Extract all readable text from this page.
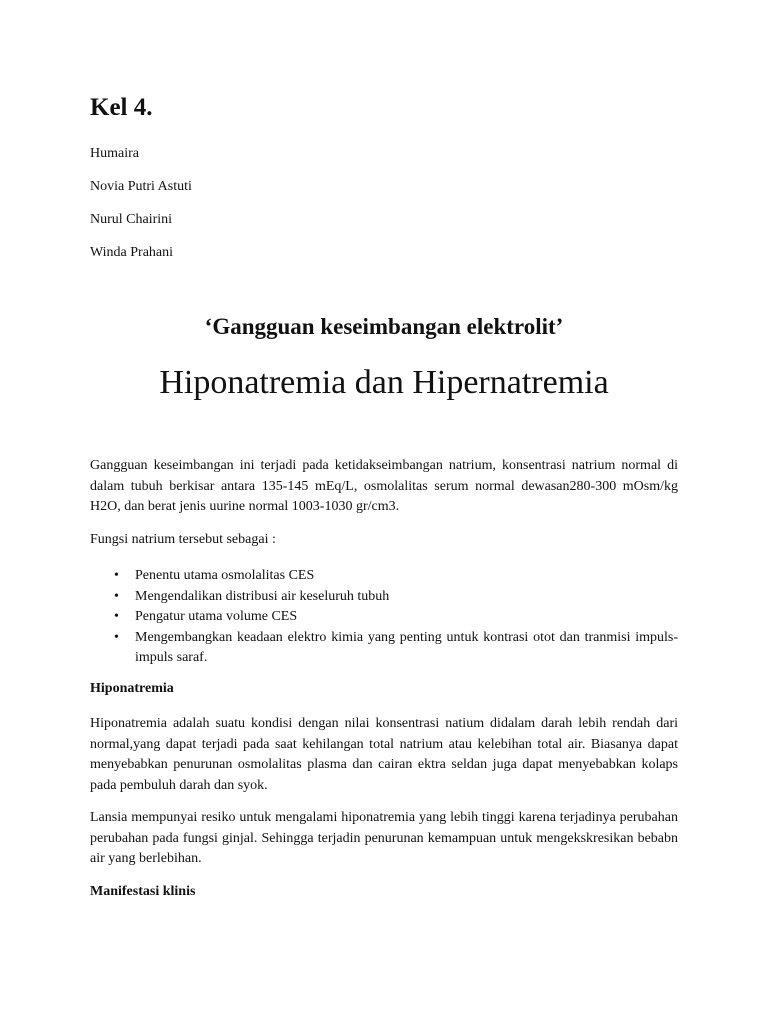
Kel 4.

Humaira

Novia Putri Astuti

Nurul Chairini

Winda Prahani

‘Gangguan keseimbangan elektrolit’
Hiponatremia dan Hipernatremia

Gangguan keseimbangan ini terjadi pada ketidakseimbangan natrium, konsentrasi natrium normal di dalam tubuh berkisar antara 135-145 mEq/L, osmolalitas serum normal dewasan280-300 mOsm/kg H2O, dan berat jenis uurine normal 1003-1030 gr/cm3.

Fungsi natrium tersebut sebagai :

• Penentu utama osmolalitas CES
• Mengendalikan distribusi air keseluruh tubuh
• Pengatur utama volume CES
• Mengembangkan keadaan elektro kimia yang penting untuk kontrasi otot dan tranmisi impuls-impuls saraf.

Hiponatremia

Hiponatremia adalah suatu kondisi dengan nilai konsentrasi natium didalam darah lebih rendah dari normal,yang dapat terjadi pada saat kehilangan total natrium atau kelebihan total air. Biasanya dapat menyebabkan penurunan osmolalitas plasma dan cairan ektra seldan juga dapat menyebabkan kolaps pada pembuluh darah dan syok.

Lansia mempunyai resiko untuk mengalami hiponatremia yang lebih tinggi karena terjadinya perubahan perubahan pada fungsi ginjal. Sehingga terjadin penurunan kemampuan untuk mengekskresikan bebabn air yang berlebihan.

Manifestasi klinis
